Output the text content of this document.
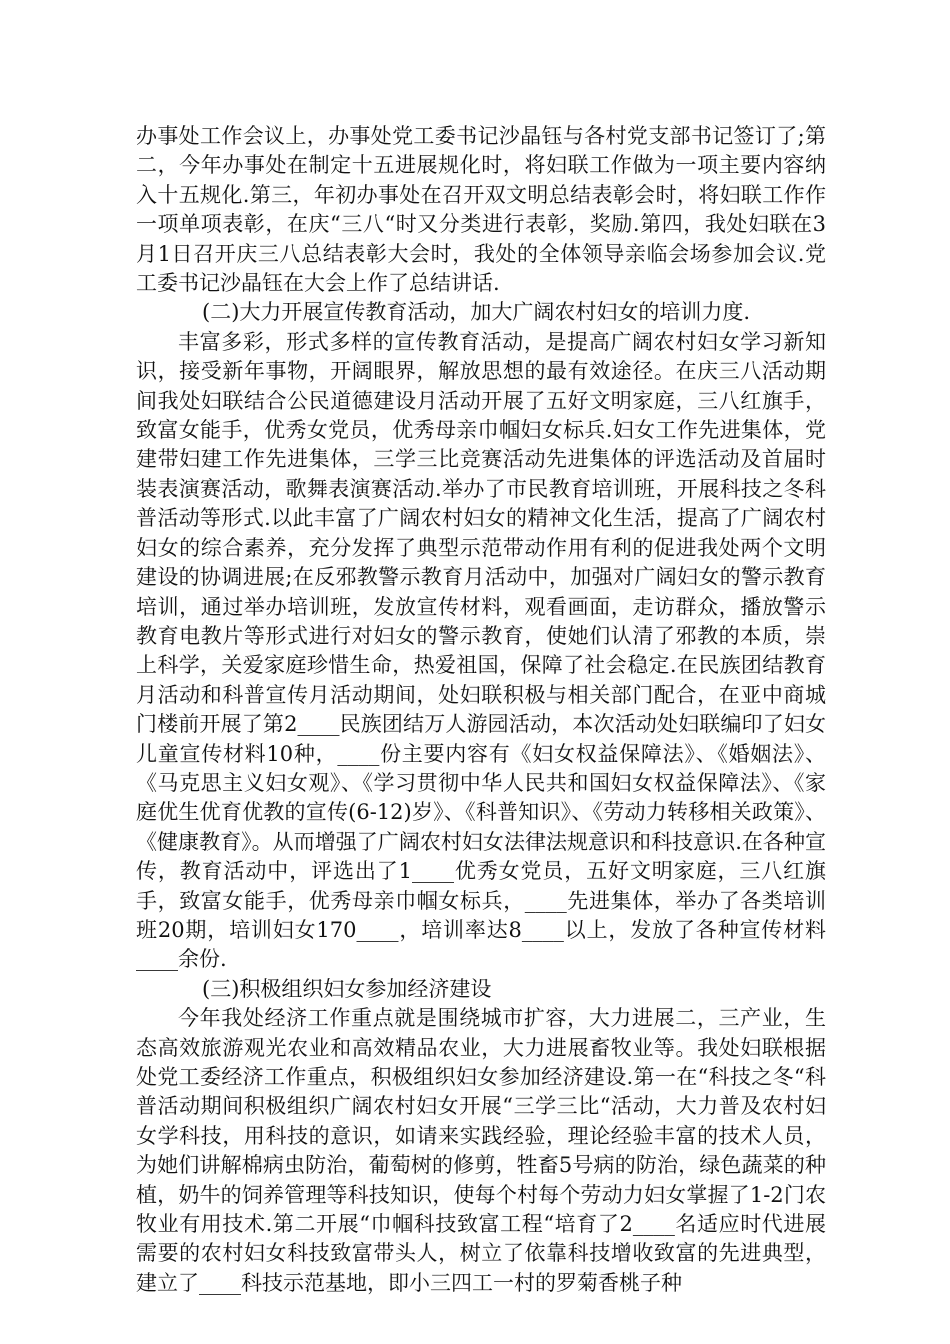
办事处工作会议上，办事处党工委书记沙晶钰与各村党支部书记签订了;第二，今年办事处在制定十五进展规化时，将妇联工作做为一项主要内容纳入十五规化.第三，年初办事处在召开双文明总结表彰会时，将妇联工作作一项单项表彰，在庆“三八“时又分类进行表彰，奖励.第四，我处妇联在3月1日召开庆三八总结表彰大会时，我处的全体领导亲临会场参加会议.党工委书记沙晶钰在大会上作了总结讲话.

(二)大力开展宣传教育活动，加大广阔农村妇女的培训力度.

丰富多彩，形式多样的宣传教育活动，是提高广阔农村妇女学习新知识，接受新年事物，开阔眼界，解放思想的最有效途径。在庆三八活动期间我处妇联结合公民道德建设月活动开展了五好文明家庭，三八红旗手，致富女能手，优秀女党员，优秀母亲巾帼妇女标兵.妇女工作先进集体，党建带妇建工作先进集体，三学三比竞赛活动先进集体的评选活动及首届时装表演赛活动，歌舞表演赛活动.举办了市民教育培训班，开展科技之冬科普活动等形式.以此丰富了广阔农村妇女的精神文化生活，提高了广阔农村妇女的综合素养，充分发挥了典型示范带动作用有利的促进我处两个文明建设的协调进展;在反邪教警示教育月活动中，加强对广阔妇女的警示教育培训，通过举办培训班，发放宣传材料，观看画面，走访群众，播放警示教育电教片等形式进行对妇女的警示教育，使她们认清了邪教的本质，崇上科学，关爱家庭珍惜生命，热爱祖国，保障了社会稳定.在民族团结教育月活动和科普宣传月活动期间，处妇联积极与相关部门配合，在亚中商城门楼前开展了第2____民族团结万人游园活动，本次活动处妇联编印了妇女儿童宣传材料10种，____份主要内容有《妇女权益保障法》、《婚姻法》、《马克思主义妇女观》、《学习贯彻中华人民共和国妇女权益保障法》、《家庭优生优育优教的宣传(6-12)岁》、《科普知识》、《劳动力转移相关政策》、《健康教育》。从而增强了广阔农村妇女法律法规意识和科技意识.在各种宣传，教育活动中，评选出了1____优秀女党员，五好文明家庭，三八红旗手，致富女能手，优秀母亲巾帼女标兵，____先进集体，举办了各类培训班20期，培训妇女170____，培训率达8____以上，发放了各种宣传材料____余份.

(三)积极组织妇女参加经济建设

今年我处经济工作重点就是围绕城市扩容，大力进展二，三产业，生态高效旅游观光农业和高效精品农业，大力进展畜牧业等。我处妇联根据处党工委经济工作重点，积极组织妇女参加经济建设.第一在“科技之冬“科普活动期间积极组织广阔农村妇女开展“三学三比“活动，大力普及农村妇女学科技，用科技的意识，如请来实践经验，理论经验丰富的技术人员，为她们讲解棉病虫防治，葡萄树的修剪，牲畜5号病的防治，绿色蔬菜的种植，奶牛的饲养管理等科技知识，使每个村每个劳动力妇女掌握了1-2门农牧业有用技术.第二开展“巾帼科技致富工程“培育了2____名适应时代进展需要的农村妇女科技致富带头人，树立了依靠科技增收致富的先进典型，建立了____科技示范基地，即小三四工一村的罗菊香桃子种
